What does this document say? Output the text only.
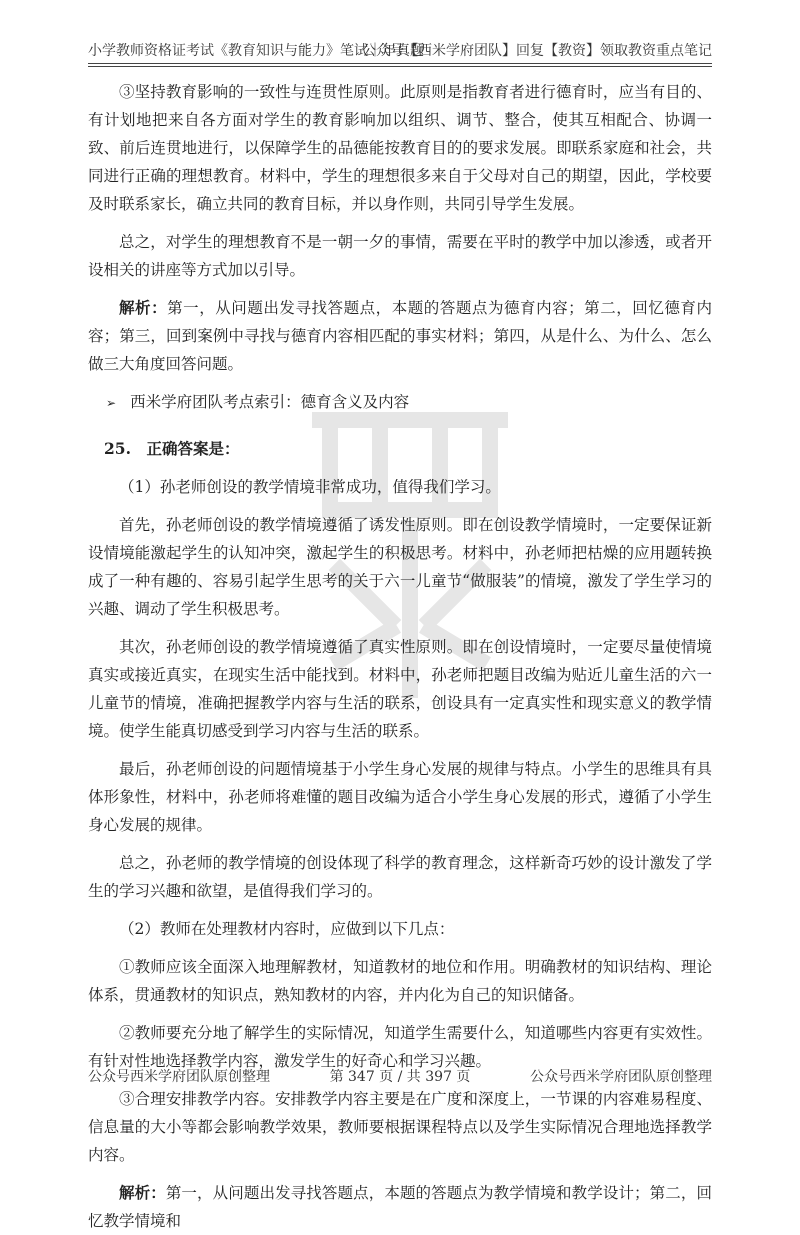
小学教师资格证考试《教育知识与能力》笔试｜年真题
公众号【西米学府团队】回复【教资】领取教资重点笔记

③坚持教育影响的一致性与连贯性原则。此原则是指教育者进行德育时，应当有目的、有计划地把来自各方面对学生的教育影响加以组织、调节、整合，使其互相配合、协调一致、前后连贯地进行，以保障学生的品德能按教育目的的要求发展。即联系家庭和社会，共同进行正确的理想教育。材料中，学生的理想很多来自于父母对自己的期望，因此，学校要及时联系家长，确立共同的教育目标，并以身作则，共同引导学生发展。

总之，对学生的理想教育不是一朝一夕的事情，需要在平时的教学中加以渗透，或者开设相关的讲座等方式加以引导。

解析：第一，从问题出发寻找答题点，本题的答题点为德育内容；第二，回忆德育内容；第三，回到案例中寻找与德育内容相匹配的事实材料；第四，从是什么、为什么、怎么做三大角度回答问题。

➢ 西米学府团队考点索引：德育含义及内容

25.　正确答案是：

（1）孙老师创设的教学情境非常成功，值得我们学习。

首先，孙老师创设的教学情境遵循了诱发性原则。即在创设教学情境时，一定要保证新设情境能激起学生的认知冲突，激起学生的积极思考。材料中，孙老师把枯燥的应用题转换成了一种有趣的、容易引起学生思考的关于六一儿童节“做服装”的情境，激发了学生学习的兴趣、调动了学生积极思考。

其次，孙老师创设的教学情境遵循了真实性原则。即在创设情境时，一定要尽量使情境真实或接近真实，在现实生活中能找到。材料中，孙老师把题目改编为贴近儿童生活的六一儿童节的情境，准确把握教学内容与生活的联系，创设具有一定真实性和现实意义的教学情境。使学生能真切感受到学习内容与生活的联系。

最后，孙老师创设的问题情境基于小学生身心发展的规律与特点。小学生的思维具有具体形象性，材料中，孙老师将难懂的题目改编为适合小学生身心发展的形式，遵循了小学生身心发展的规律。

总之，孙老师的教学情境的创设体现了科学的教育理念，这样新奇巧妙的设计激发了学生的学习兴趣和欲望，是值得我们学习的。

（2）教师在处理教材内容时，应做到以下几点：

①教师应该全面深入地理解教材，知道教材的地位和作用。明确教材的知识结构、理论体系，贯通教材的知识点，熟知教材的内容，并内化为自己的知识储备。

②教师要充分地了解学生的实际情况，知道学生需要什么，知道哪些内容更有实效性。有针对性地选择教学内容，激发学生的好奇心和学习兴趣。

③合理安排教学内容。安排教学内容主要是在广度和深度上，一节课的内容难易程度、信息量的大小等都会影响教学效果，教师要根据课程特点以及学生实际情况合理地选择教学内容。

解析：第一，从问题出发寻找答题点，本题的答题点为教学情境和教学设计；第二，回忆教学情境和

公众号西米学府团队原创整理	第 347 页 / 共 397 页	公众号西米学府团队原创整理
